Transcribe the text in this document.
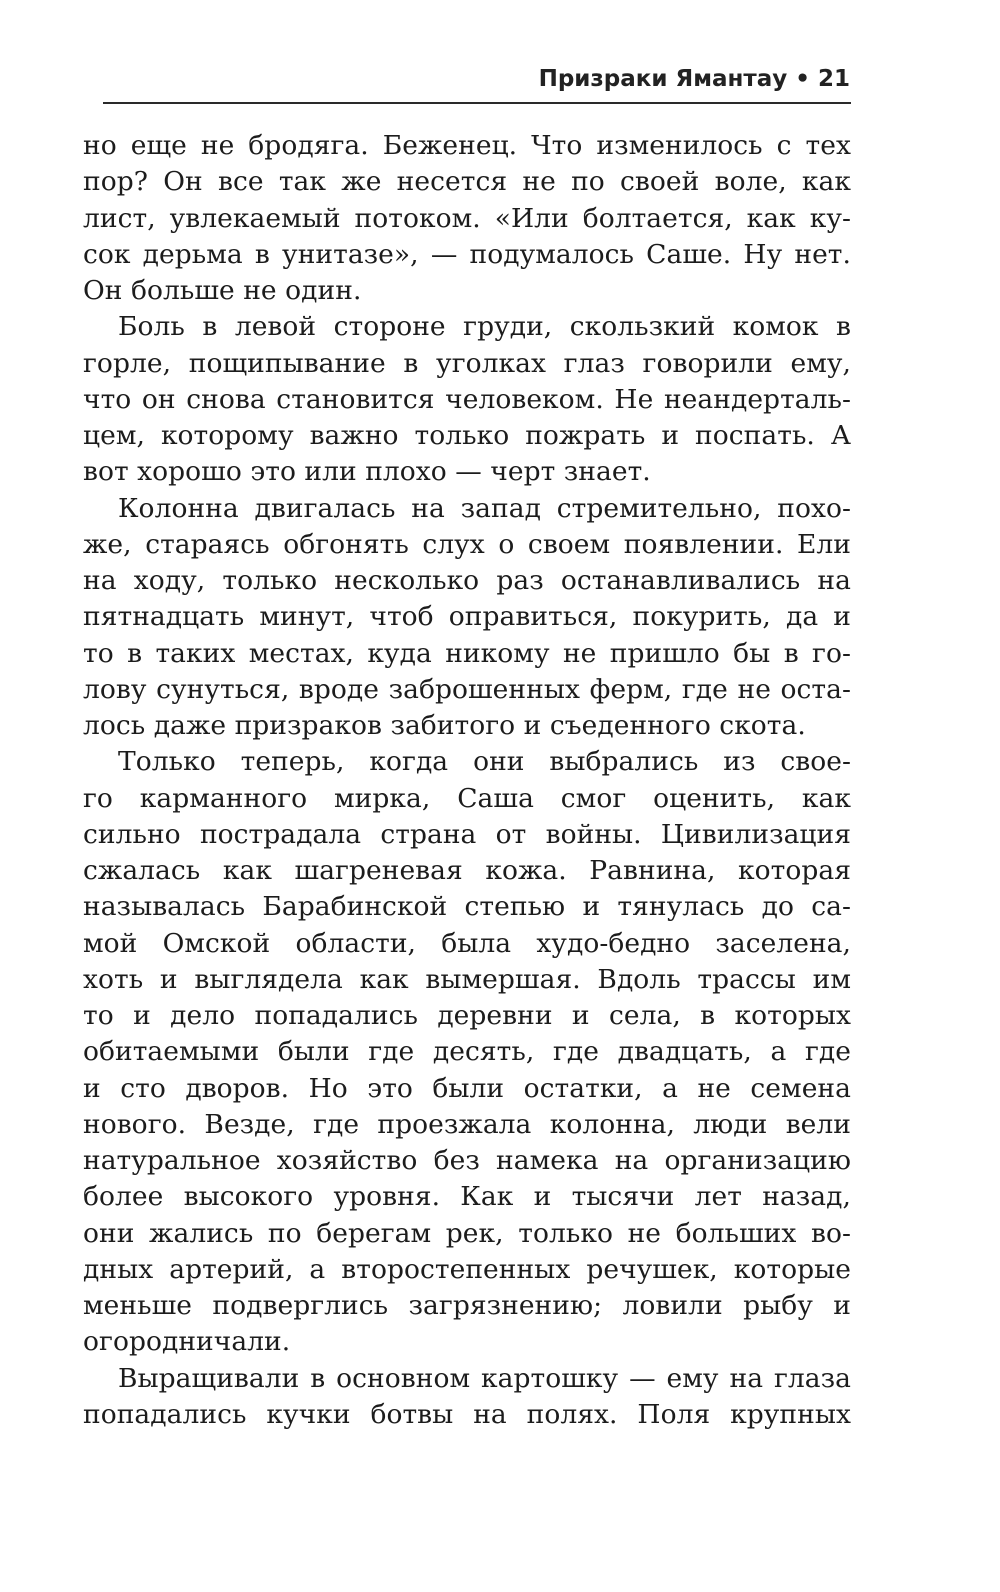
Призраки Ямантау • 21
но еще не бродяга. Беженец. Что изменилось с тех
пор? Он все так же несется не по своей воле, как
лист, увлекаемый потоком. «Или болтается, как ку-
сок дерьма в унитазе», — подумалось Саше. Ну нет.
Он больше не один.
Боль в левой стороне груди, скользкий комок в
горле, пощипывание в уголках глаз говорили ему,
что он снова становится человеком. Не неандерталь-
цем, которому важно только пожрать и поспать. А
вот хорошо это или плохо — черт знает.
Колонна двигалась на запад стремительно, похо-
же, стараясь обгонять слух о своем появлении. Ели
на ходу, только несколько раз останавливались на
пятнадцать минут, чтоб оправиться, покурить, да и
то в таких местах, куда никому не пришло бы в го-
лову сунуться, вроде заброшенных ферм, где не оста-
лось даже призраков забитого и съеденного скота.
Только теперь, когда они выбрались из свое-
го карманного мирка, Саша смог оценить, как
сильно пострадала страна от войны. Цивилизация
сжалась как шагреневая кожа. Равнина, которая
называлась Барабинской степью и тянулась до са-
мой Омской области, была худо-бедно заселена,
хоть и выглядела как вымершая. Вдоль трассы им
то и дело попадались деревни и села, в которых
обитаемыми были где десять, где двадцать, а где
и сто дворов. Но это были остатки, а не семена
нового. Везде, где проезжала колонна, люди вели
натуральное хозяйство без намека на организацию
более высокого уровня. Как и тысячи лет назад,
они жались по берегам рек, только не больших во-
дных артерий, а второстепенных речушек, которые
меньше подверглись загрязнению; ловили рыбу и
огородничали.
Выращивали в основном картошку — ему на глаза
попадались кучки ботвы на полях. Поля крупных
